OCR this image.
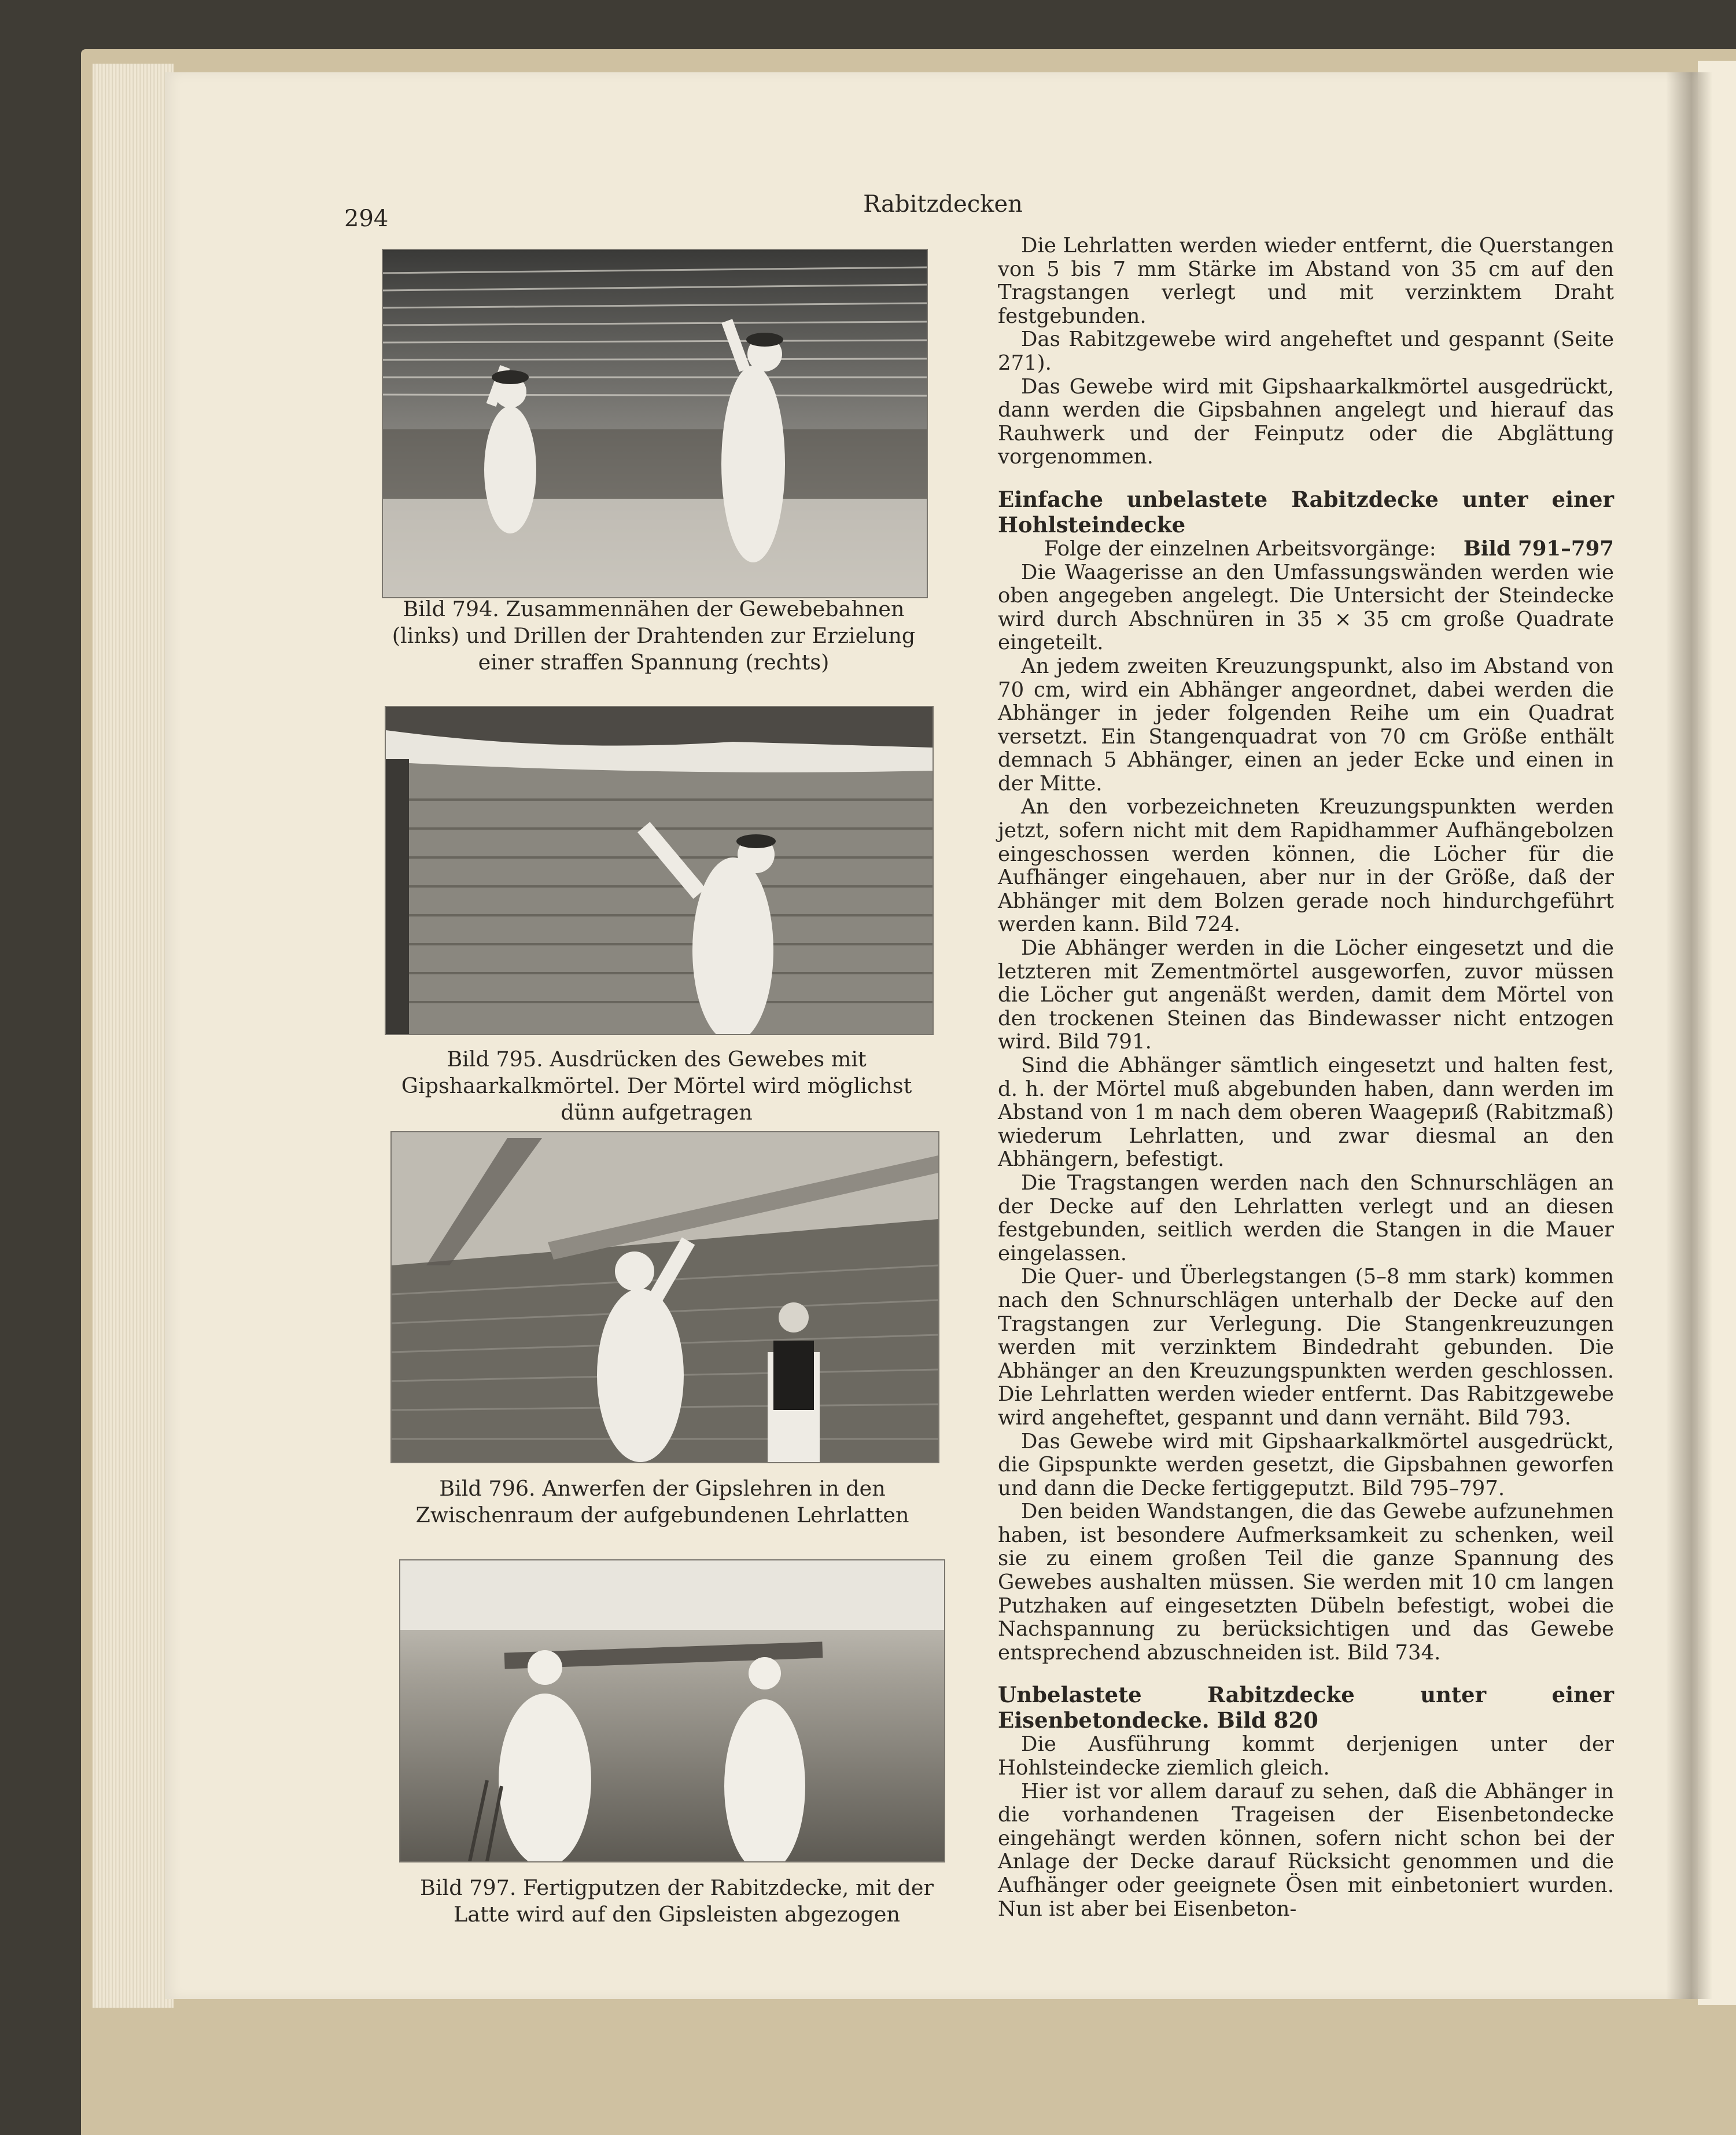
294
Rabitzdecken
Bild 794. Zusammennähen der Gewebebahnen (links) und Drillen der Drahtenden zur Erzielung einer straffen Spannung (rechts)
Bild 795. Ausdrücken des Gewebes mit Gipshaarkalkmörtel. Der Mörtel wird möglichst dünn aufgetragen
Bild 796. Anwerfen der Gipslehren in den Zwischenraum der aufgebundenen Lehrlatten
Bild 797. Fertigputzen der Rabitzdecke, mit der Latte wird auf den Gipsleisten abgezogen

Die Lehrlatten werden wieder entfernt, die Querstangen von 5 bis 7 mm Stärke im Abstand von 35 cm auf den Tragstangen verlegt und mit verzinktem Draht festgebunden.

Das Rabitzgewebe wird angeheftet und gespannt (Seite 271).

Das Gewebe wird mit Gipshaarkalkmörtel ausgedrückt, dann werden die Gipsbahnen angelegt und hierauf das Rauhwerk und der Feinputz oder die Abglättung vorgenommen.

Einfache unbelastete Rabitzdecke unter einer Hohlsteindecke

Folge der einzelnen Arbeitsvorgänge:	Bild 791–797

Die Waagerisse an den Umfassungswänden werden wie oben angegeben angelegt. Die Untersicht der Steindecke wird durch Abschnüren in 35 × 35 cm große Quadrate eingeteilt.

An jedem zweiten Kreuzungspunkt, also im Abstand von 70 cm, wird ein Abhänger angeordnet, dabei werden die Abhänger in jeder folgenden Reihe um ein Quadrat versetzt. Ein Stangenquadrat von 70 cm Größe enthält demnach 5 Abhänger, einen an jeder Ecke und einen in der Mitte.

An den vorbezeichneten Kreuzungspunkten werden jetzt, sofern nicht mit dem Rapidhammer Aufhängebolzen eingeschossen werden können, die Löcher für die Aufhänger eingehauen, aber nur in der Größe, daß der Abhänger mit dem Bolzen gerade noch hindurchgeführt werden kann. Bild 724.

Die Abhänger werden in die Löcher eingesetzt und die letzteren mit Zementmörtel ausgeworfen, zuvor müssen die Löcher gut angenäßt werden, damit dem Mörtel von den trockenen Steinen das Bindewasser nicht entzogen wird. Bild 791.

Sind die Abhänger sämtlich eingesetzt und halten fest, d. h. der Mörtel muß abgebunden haben, dann werden im Abstand von 1 m nach dem oberen Waagериß (Rabitzmaß) wiederum Lehrlatten, und zwar diesmal an den Abhängern, befestigt.

Die Tragstangen werden nach den Schnurschlägen an der Decke auf den Lehrlatten verlegt und an diesen festgebunden, seitlich werden die Stangen in die Mauer eingelassen.

Die Quer- und Überlegstangen (5–8 mm stark) kommen nach den Schnurschlägen unterhalb der Decke auf den Tragstangen zur Verlegung. Die Stangenkreuzungen werden mit verzinktem Bindedraht gebunden. Die Abhänger an den Kreuzungspunkten werden geschlossen. Die Lehrlatten werden wieder entfernt. Das Rabitzgewebe wird angeheftet, gespannt und dann vernäht. Bild 793.

Das Gewebe wird mit Gipshaarkalkmörtel ausgedrückt, die Gipspunkte werden gesetzt, die Gipsbahnen geworfen und dann die Decke fertiggeputzt. Bild 795–797.

Den beiden Wandstangen, die das Gewebe aufzunehmen haben, ist besondere Aufmerksamkeit zu schenken, weil sie zu einem großen Teil die ganze Spannung des Gewebes aushalten müssen. Sie werden mit 10 cm langen Putzhaken auf eingesetzten Dübeln befestigt, wobei die Nachspannung zu berücksichtigen und das Gewebe entsprechend abzuschneiden ist. Bild 734.

Unbelastete Rabitzdecke unter einer Eisenbetondecke. Bild 820

Die Ausführung kommt derjenigen unter der Hohlsteindecke ziemlich gleich.

Hier ist vor allem darauf zu sehen, daß die Abhänger in die vorhandenen Trageisen der Eisenbetondecke eingehängt werden können, sofern nicht schon bei der Anlage der Decke darauf Rücksicht genommen und die Aufhänger oder geeignete Ösen mit einbetoniert wurden. Nun ist aber bei Eisenbeton-
